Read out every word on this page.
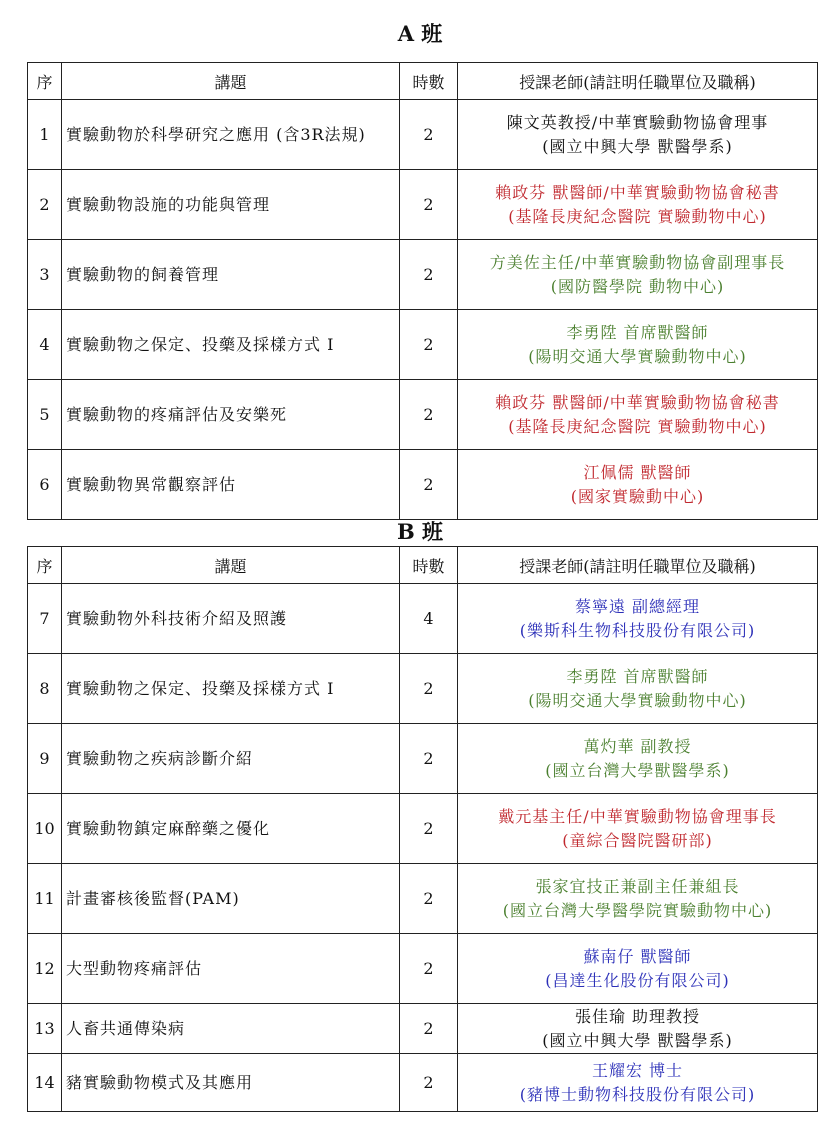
A 班
序	講題	時數	授課老師(請註明任職單位及職稱)
1	實驗動物於科學研究之應用 (含3R法規)	2	陳文英教授/中華實驗動物協會理事
(國立中興大學 獸醫學系)

2	實驗動物設施的功能與管理	2	賴政芬 獸醫師/中華實驗動物協會秘書
(基隆長庚紀念醫院 實驗動物中心)

3	實驗動物的飼養管理	2	方美佐主任/中華實驗動物協會副理事長
(國防醫學院 動物中心)

4	實驗動物之保定、投藥及採樣方式 I	2	李勇陞 首席獸醫師
(陽明交通大學實驗動物中心)

5	實驗動物的疼痛評估及安樂死	2	賴政芬 獸醫師/中華實驗動物協會秘書
(基隆長庚紀念醫院 實驗動物中心)

6	實驗動物異常觀察評估	2	江佩儒 獸醫師
(國家實驗動中心)
B 班
序	講題	時數	授課老師(請註明任職單位及職稱)
7	實驗動物外科技術介紹及照護	4	蔡寧遠 副總經理
(樂斯科生物科技股份有限公司)

8	實驗動物之保定、投藥及採樣方式 I	2	李勇陞 首席獸醫師
(陽明交通大學實驗動物中心)

9	實驗動物之疾病診斷介紹	2	萬灼華 副教授
(國立台灣大學獸醫學系)

10	實驗動物鎮定麻醉藥之優化	2	戴元基主任/中華實驗動物協會理事長
(童綜合醫院醫研部)

11	計畫審核後監督(PAM)	2	張家宜技正兼副主任兼組長
(國立台灣大學醫學院實驗動物中心)

12	大型動物疼痛評估	2	蘇南仔 獸醫師
(昌達生化股份有限公司)

13	人畜共通傳染病	2	張佳瑜 助理教授
(國立中興大學 獸醫學系)

14	豬實驗動物模式及其應用	2	王耀宏 博士
(豬博士動物科技股份有限公司)
